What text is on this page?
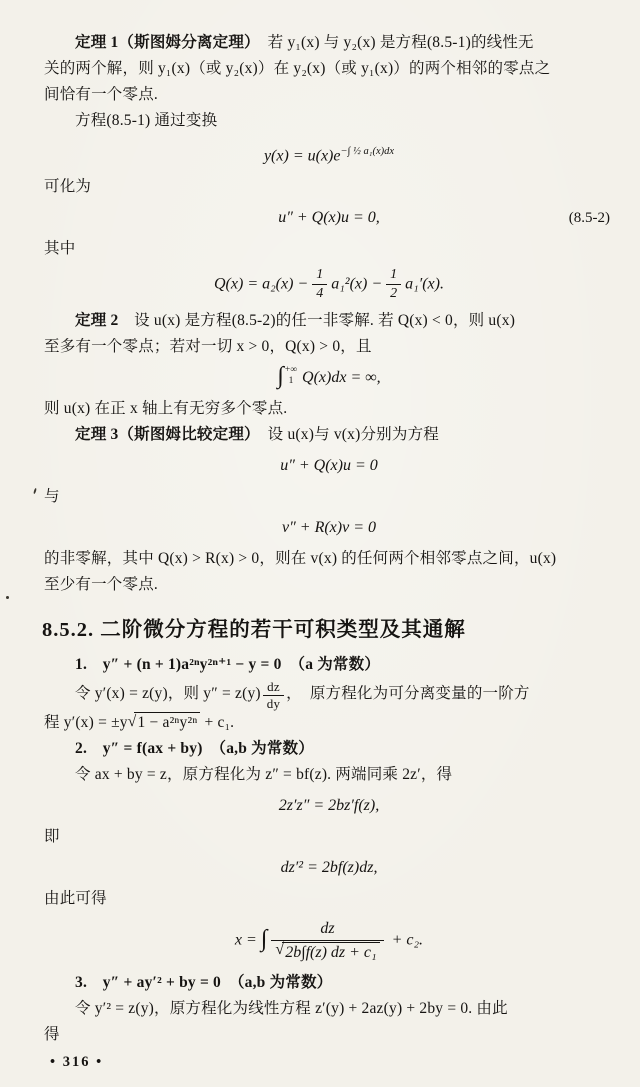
定理 1（斯图姆分离定理）　若 y₁(x) 与 y₂(x) 是方程(8.5-1)的线性无

关的两个解，则 y₁(x)（或 y₂(x)）在 y₂(x)（或 y₁(x)）的两个相邻的零点之

间恰有一个零点.

方程(8.5-1) 通过变换

$y(x) = u(x)e^{-\int \frac{1}{2} a_1(x)dx}$

可化为

u″ + Q(x)u = 0,	(8.5-2)

其中

$Q(x) = a_2(x) - \frac{1}{4} a_1^2(x) - \frac{1}{2} a_1'(x)$.

定理 2　设 u(x) 是方程(8.5-2)的任一非零解. 若 Q(x) < 0，则 u(x)

至多有一个零点；若对一切 x > 0，Q(x) > 0，且

∫ +∞
1 Q(x)dx = ∞,

则 u(x) 在正 x 轴上有无穷多个零点.

定理 3（斯图姆比较定理）　设 u(x)与 v(x)分别为方程

u″ + Q(x)u = 0

与

v″ + R(x)v = 0

的非零解，其中 Q(x) > R(x) > 0，则在 v(x) 的任何两个相邻零点之间，u(x)

至少有一个零点.

8.5.2. 二阶微分方程的若干可积类型及其通解

1.　y″ + (n + 1)a²ⁿy²ⁿ⁺¹ − y = 0　（a 为常数）

令 y′(x) = z(y)，则 $y'' = z(y) \frac{dz}{dy}$ ，　原方程化为可分离变量的一阶方

程 y′(x) = ±y√1 − a²ⁿy²ⁿ + c₁.

2.　y″ = f(ax + by)　（a,b 为常数）

令 ax + by = z，原方程化为 z″ = bf(z). 两端同乘 2z′，得

2z′z″ = 2bz′f(z),

即

dz′² = 2bf(z)dz,

由此可得

x = ∫ $\frac{dz}{\text{√ 2b∫f(z) dz + c₁}} + c_2$.

3.　y″ + ay′² + by = 0　（a,b 为常数）

令 y′² = z(y)，原方程化为线性方程 z′(y) + 2az(y) + 2by = 0. 由此

得

• 316 •
